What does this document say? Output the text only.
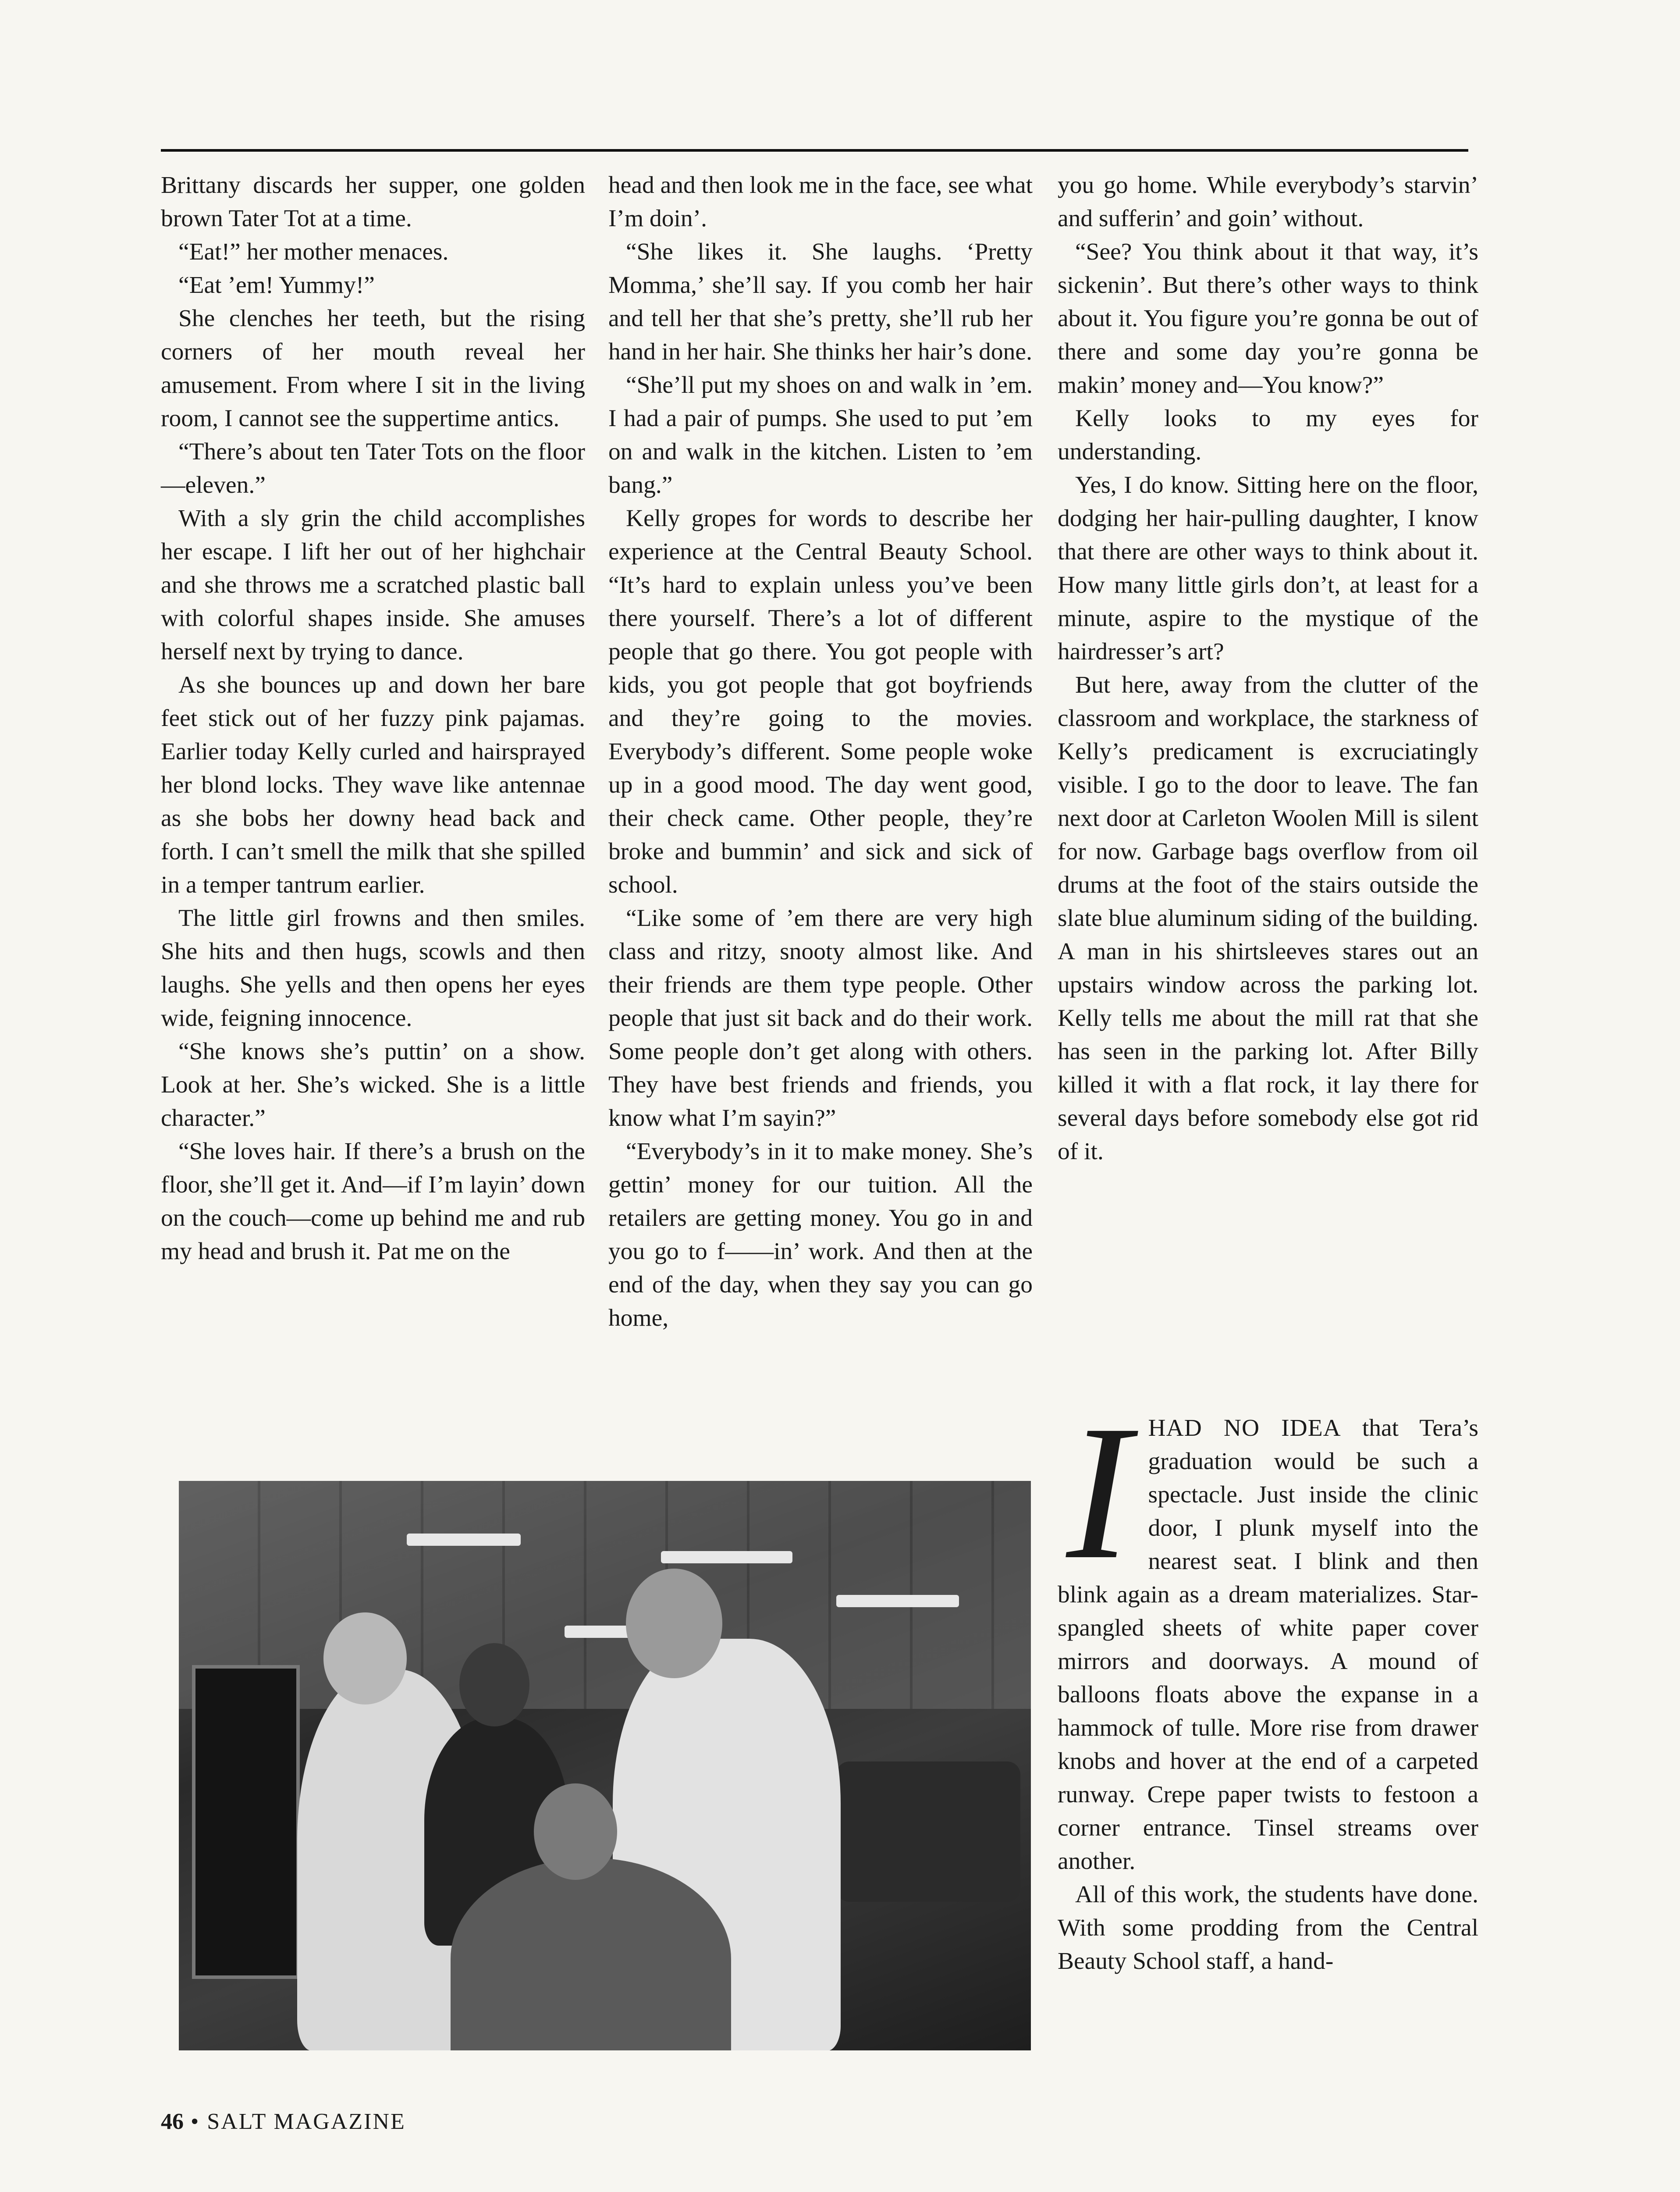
Brittany discards her supper, one golden brown Tater Tot at a time.

“Eat!” her mother menaces.

“Eat ’em! Yummy!”

She clenches her teeth, but the rising corners of her mouth reveal her amusement. From where I sit in the living room, I cannot see the suppertime antics.

“There’s about ten Tater Tots on the floor—eleven.”

With a sly grin the child accomplishes her escape. I lift her out of her highchair and she throws me a scratched plastic ball with colorful shapes inside. She amuses herself next by trying to dance.

As she bounces up and down her bare feet stick out of her fuzzy pink pajamas. Earlier today Kelly curled and hairsprayed her blond locks. They wave like antennae as she bobs her downy head back and forth. I can’t smell the milk that she spilled in a temper tantrum earlier.

The little girl frowns and then smiles. She hits and then hugs, scowls and then laughs. She yells and then opens her eyes wide, feigning innocence.

“She knows she’s puttin’ on a show. Look at her. She’s wicked. She is a little character.”

“She loves hair. If there’s a brush on the floor, she’ll get it. And—if I’m layin’ down on the couch—come up behind me and rub my head and brush it. Pat me on the

head and then look me in the face, see what I’m doin’.

“She likes it. She laughs. ‘Pretty Momma,’ she’ll say. If you comb her hair and tell her that she’s pretty, she’ll rub her hand in her hair. She thinks her hair’s done.

“She’ll put my shoes on and walk in ’em. I had a pair of pumps. She used to put ’em on and walk in the kitchen. Listen to ’em bang.”

Kelly gropes for words to describe her experience at the Central Beauty School. “It’s hard to explain unless you’ve been there yourself. There’s a lot of different people that go there. You got people with kids, you got people that got boyfriends and they’re going to the movies. Everybody’s different. Some people woke up in a good mood. The day went good, their check came. Other people, they’re broke and bummin’ and sick and sick of school.

“Like some of ’em there are very high class and ritzy, snooty almost like. And their friends are them type people. Other people that just sit back and do their work. Some people don’t get along with others. They have best friends and friends, you know what I’m sayin?”

“Everybody’s in it to make money. She’s gettin’ money for our tuition. All the retailers are getting money. You go in and you go to f——in’ work. And then at the end of the day, when they say you can go home,

you go home. While everybody’s starvin’ and sufferin’ and goin’ without.

“See? You think about it that way, it’s sickenin’. But there’s other ways to think about it. You figure you’re gonna be out of there and some day you’re gonna be makin’ money and—You know?”

Kelly looks to my eyes for understanding.

Yes, I do know. Sitting here on the floor, dodging her hair-pulling daughter, I know that there are other ways to think about it. How many little girls don’t, at least for a minute, aspire to the mystique of the hairdresser’s art?

But here, away from the clutter of the classroom and workplace, the starkness of Kelly’s predicament is excruciatingly visible. I go to the door to leave. The fan next door at Carleton Woolen Mill is silent for now. Garbage bags overflow from oil drums at the foot of the stairs outside the slate blue aluminum siding of the building. A man in his shirtsleeves stares out an upstairs window across the parking lot. Kelly tells me about the mill rat that she has seen in the parking lot. After Billy killed it with a flat rock, it lay there for several days before somebody else got rid of it.

IHAD NO IDEA that Tera’s graduation would be such a spectacle. Just inside the clinic door, I plunk myself into the nearest seat. I blink and then blink again as a dream materializes. Star-spangled sheets of white paper cover mirrors and doorways. A mound of balloons floats above the expanse in a hammock of tulle. More rise from drawer knobs and hover at the end of a carpeted runway. Crepe paper twists to festoon a corner entrance. Tinsel streams over another.

All of this work, the students have done. With some prodding from the Central Beauty School staff, a hand-

46 • SALT MAGAZINE
